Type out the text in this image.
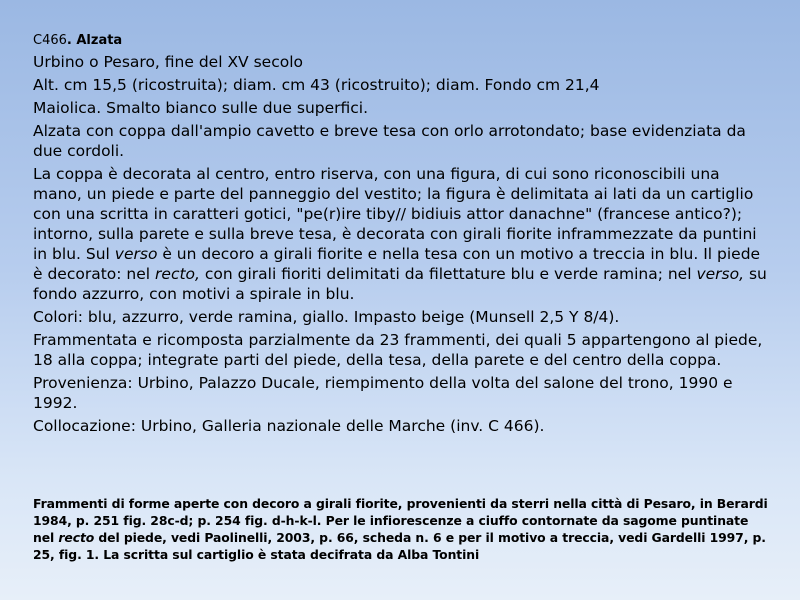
C466. Alzata

Urbino o Pesaro, fine del XV secolo

Alt. cm 15,5 (ricostruita); diam. cm 43 (ricostruito); diam. Fondo cm 21,4

Maiolica. Smalto bianco sulle due superfici.

Alzata con coppa dall'ampio cavetto e breve tesa con orlo arrotondato; base evidenziata da due cordoli.

La coppa è decorata al centro, entro riserva, con una figura, di cui sono riconoscibili una mano, un piede e parte del panneggio del vestito; la figura è delimitata ai lati da un cartiglio con una scritta in caratteri gotici, "pe(r)ire tiby// bidiuis attor danachne" (francese antico?); intorno, sulla parete e sulla breve tesa, è decorata con girali fiorite inframmezzate da puntini in blu. Sul verso è un decoro a girali fiorite e nella tesa con un motivo a treccia in blu. Il piede è decorato: nel recto, con girali fioriti delimitati da filettature blu e verde ramina; nel verso, su fondo azzurro, con motivi a spirale in blu.

Colori: blu, azzurro, verde ramina, giallo. Impasto beige (Munsell 2,5 Y 8/4).

Frammentata e ricomposta parzialmente da 23 frammenti, dei quali 5 appartengono al piede, 18 alla coppa; integrate parti del piede, della tesa, della parete e del centro della coppa.

Provenienza: Urbino, Palazzo Ducale, riempimento della volta del salone del trono, 1990 e 1992.

Collocazione: Urbino, Galleria nazionale delle Marche (inv. C 466).

Frammenti di forme aperte con decoro a girali fiorite, provenienti da sterri nella città di Pesaro, in Berardi 1984, p. 251 fig. 28c-d; p. 254 fig. d-h-k-l. Per le infiorescenze a ciuffo contornate da sagome puntinate nel recto del piede, vedi Paolinelli, 2003, p. 66, scheda n. 6 e per il motivo a treccia, vedi Gardelli 1997, p. 25, fig. 1. La scritta sul cartiglio è stata decifrata da Alba Tontini
